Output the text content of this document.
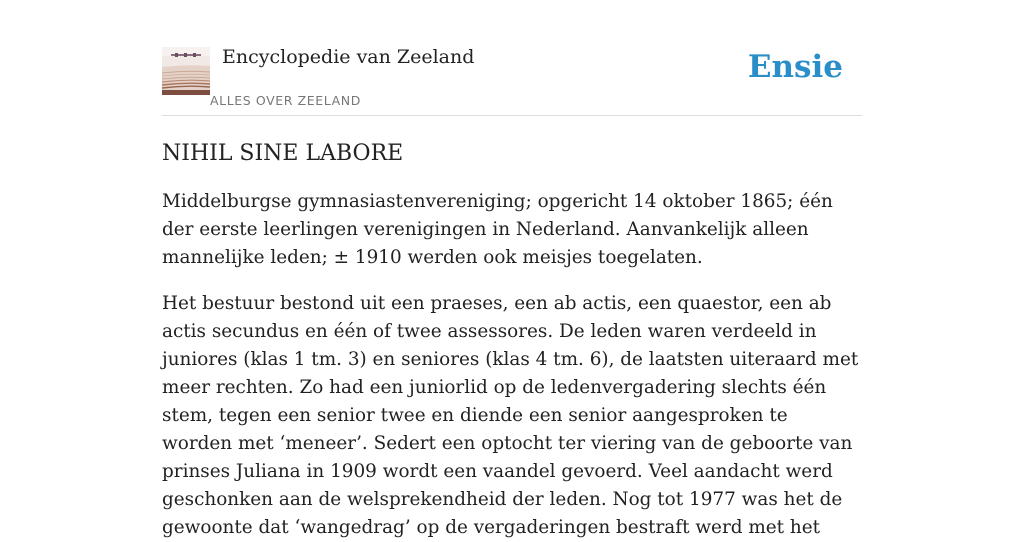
Encyclopedie van Zeeland
ALLES OVER ZEELAND
Ensie
NIHIL SINE LABORE

Middelburgse gymnasiastenvereniging; opgericht 14 oktober 1865; één der eerste leerlingen verenigingen in Nederland. Aanvankelijk alleen mannelijke leden; ± 1910 werden ook meisjes toegelaten.

Het bestuur bestond uit een praeses, een ab actis, een quaestor, een ab actis secundus en één of twee assessores. De leden waren verdeeld in juniores (klas 1 tm. 3) en seniores (klas 4 tm. 6), de laatsten uiteraard met meer rechten. Zo had een juniorlid op de ledenvergadering slechts één stem, tegen een senior twee en diende een senior aangesproken te worden met ‘meneer’. Sedert een optocht ter viering van de geboorte van prinses Juliana in 1909 wordt een vaandel gevoerd. Veel aandacht werd geschonken aan de welsprekendheid der leden. Nog tot 1977 was het de gewoonte dat ‘wangedrag’ op de vergaderingen bestraft werd met het
